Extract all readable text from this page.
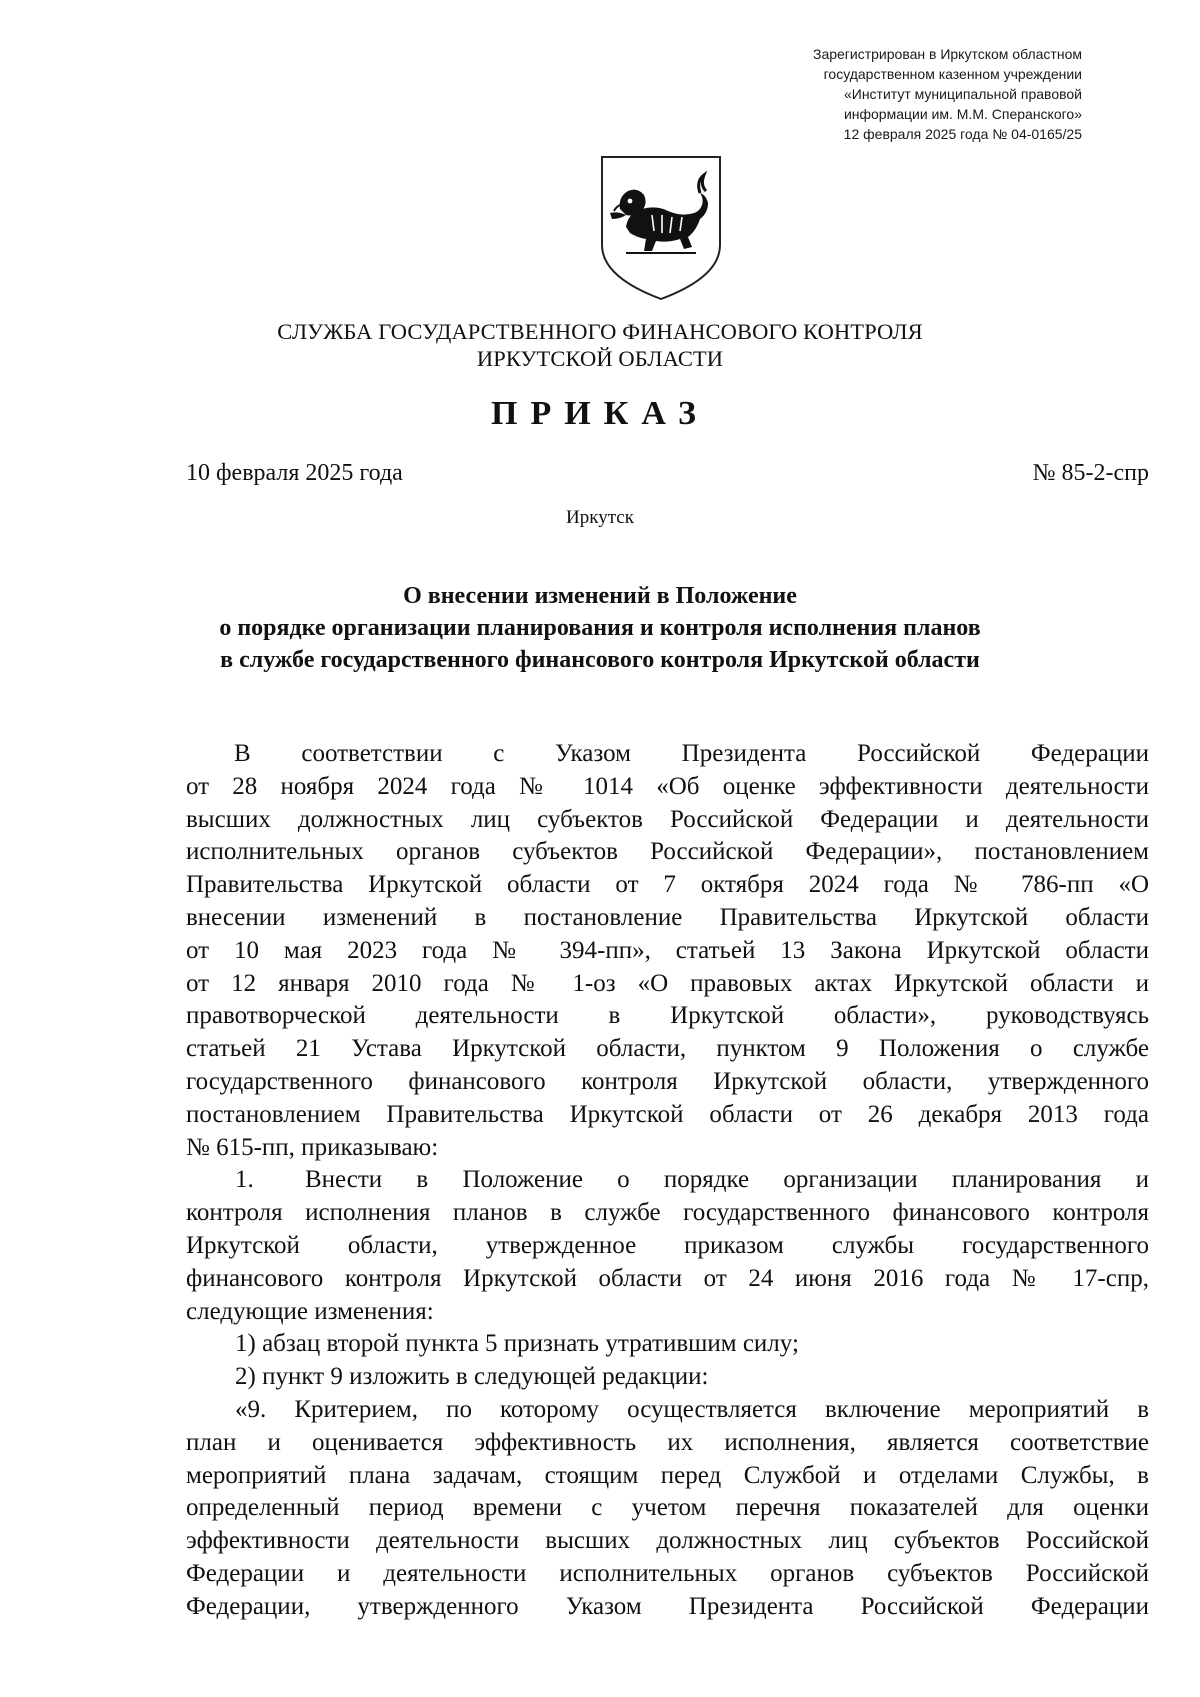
Зарегистрирован в Иркутском областном
государственном казенном учреждении
«Институт муниципальной правовой
информации им. М.М. Сперанского»
12 февраля 2025 года № 04-0165/25
СЛУЖБА ГОСУДАРСТВЕННОГО ФИНАНСОВОГО КОНТРОЛЯ
ИРКУТСКОЙ ОБЛАСТИ
ПРИКАЗ
10 февраля 2025 года	№ 85-2-спр
Иркутск
О внесении изменений в Положение
о порядке организации планирования и контроля исполнения планов
в службе государственного финансового контроля Иркутской области
В соответствии с Указом Президента Российской Федерации
от 28 ноября 2024 года № 1014 «Об оценке эффективности деятельности
высших должностных лиц субъектов Российской Федерации и деятельности
исполнительных органов субъектов Российской Федерации», постановлением
Правительства Иркутской области от 7 октября 2024 года № 786-пп «О
внесении изменений в постановление Правительства Иркутской области
от 10 мая 2023 года № 394-пп», статьей 13 Закона Иркутской области
от 12 января 2010 года № 1-оз «О правовых актах Иркутской области и
правотворческой деятельности в Иркутской области», руководствуясь
статьей 21 Устава Иркутской области, пунктом 9 Положения о службе
государственного финансового контроля Иркутской области, утвержденного
постановлением Правительства Иркутской области от 26 декабря 2013 года
№ 615-пп, приказываю:
1. Внести в Положение о порядке организации планирования и
контроля исполнения планов в службе государственного финансового контроля
Иркутской области, утвержденное приказом службы государственного
финансового контроля Иркутской области от 24 июня 2016 года № 17-спр,
следующие изменения:
1) абзац второй пункта 5 признать утратившим силу;
2) пункт 9 изложить в следующей редакции:
«9. Критерием, по которому осуществляется включение мероприятий в
план и оценивается эффективность их исполнения, является соответствие
мероприятий плана задачам, стоящим перед Службой и отделами Службы, в
определенный период времени с учетом перечня показателей для оценки
эффективности деятельности высших должностных лиц субъектов Российской
Федерации и деятельности исполнительных органов субъектов Российской
Федерации, утвержденного Указом Президента Российской Федерации
